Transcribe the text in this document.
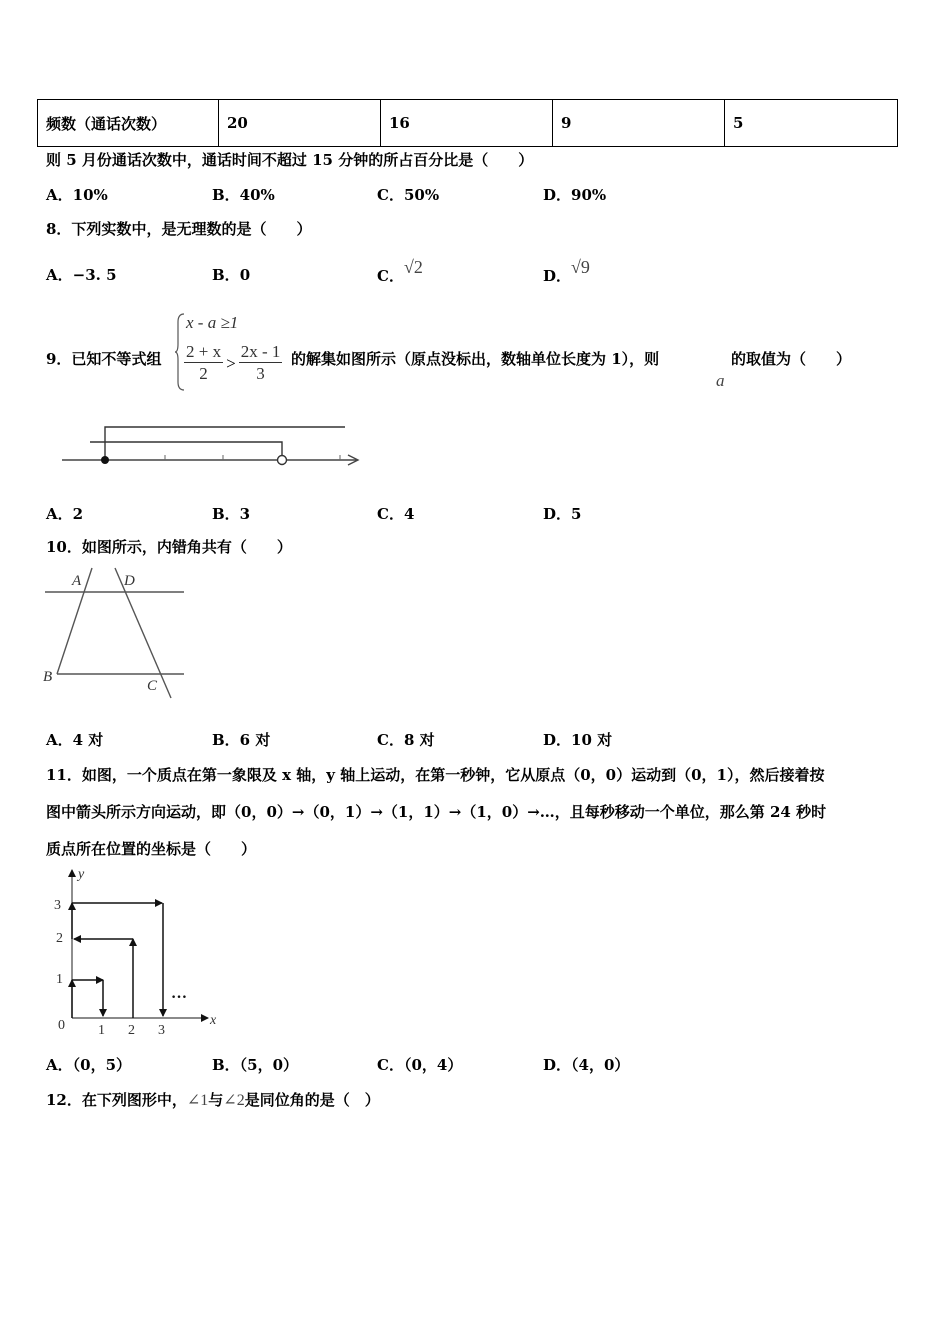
频数（通话次数）	20	16	9	5
则 5 月份通话次数中，通话时间不超过 15 分钟的所占百分比是（　　）
A．10%	B．40%	C．50%	D．90%
8．下列实数中，是无理数的是（　　）
A．−3. 5	B．0	C．√2	D．√9
9．已知不等式组
x - a ≥1
$\frac{2 + x}{2} > \frac{2x - 1}{3}$ 的解集如图所示（原点没标出，数轴单位长度为 1），则
a
的取值为（　　）
A．2	B．3	C．4	D．5
10．如图所示，内错角共有（　　）
A	D
B
C
A．4 对	B．6 对	C．8 对	D．10 对
11．如图，一个质点在第一象限及 x 轴，y 轴上运动，在第一秒钟，它从原点（0，0）运动到（0，1），然后接着按
图中箭头所示方向运动，即（0，0）→（0，1）→（1，1）→（1，0）→…，且每秒移动一个单位，那么第 24 秒时
质点所在位置的坐标是（　　）
x
y
0 1 2 3
1
2
3
…
A．（0，5）	B．（5，0）	C．（0，4）	D．（4，0）
12．在下列图形中，∠1与∠2是同位角的是（　）
